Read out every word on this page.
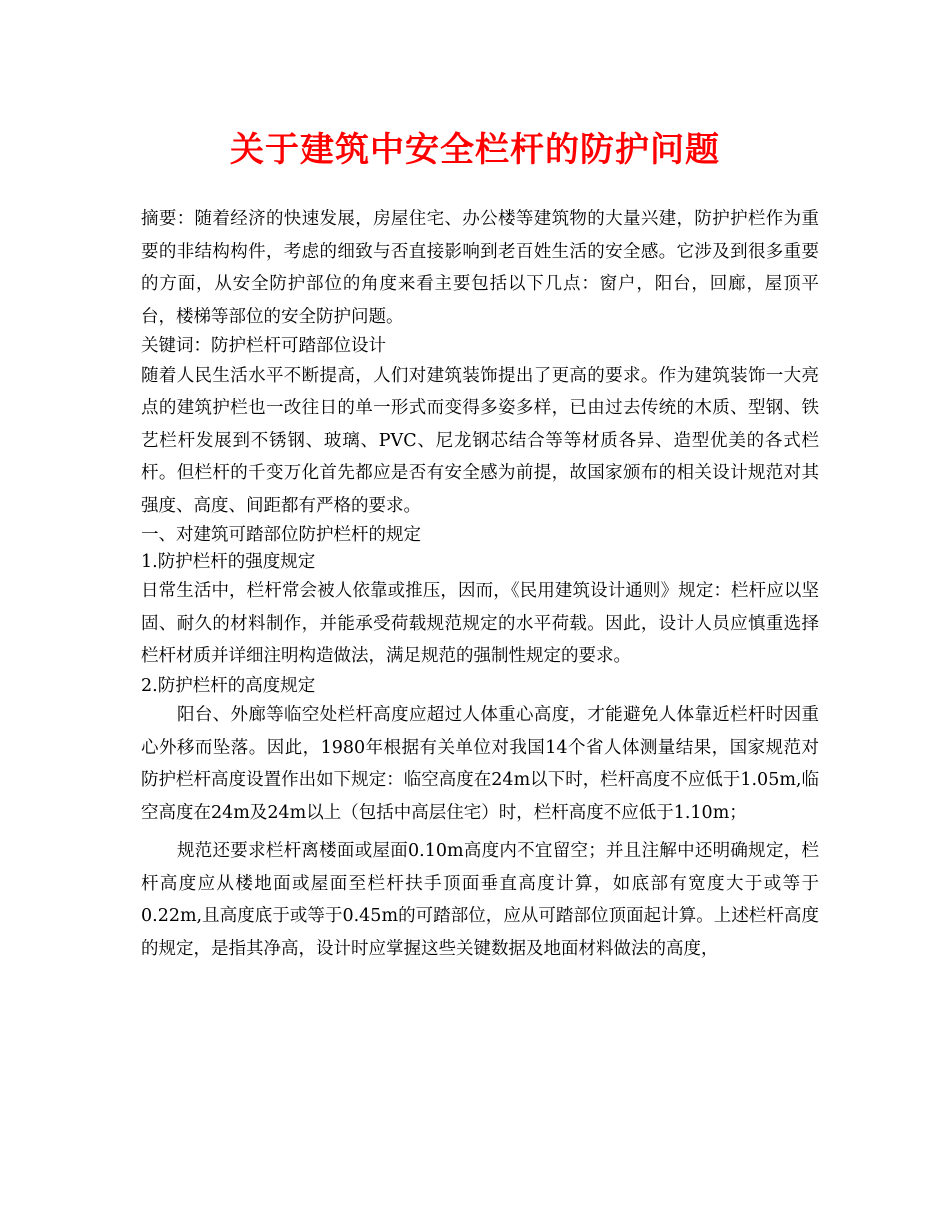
关于建筑中安全栏杆的防护问题

摘要：随着经济的快速发展，房屋住宅、办公楼等建筑物的大量兴建，防护护栏作为重要的非结构构件，考虑的细致与否直接影响到老百姓生活的安全感。它涉及到很多重要的方面，从安全防护部位的角度来看主要包括以下几点：窗户，阳台，回廊，屋顶平台，楼梯等部位的安全防护问题。

关键词：防护栏杆可踏部位设计

随着人民生活水平不断提高，人们对建筑装饰提出了更高的要求。作为建筑装饰一大亮点的建筑护栏也一改往日的单一形式而变得多姿多样，已由过去传统的木质、型钢、铁艺栏杆发展到不锈钢、玻璃、PVC、尼龙钢芯结合等等材质各异、造型优美的各式栏杆。但栏杆的千变万化首先都应是否有安全感为前提，故国家颁布的相关设计规范对其强度、高度、间距都有严格的要求。

一、对建筑可踏部位防护栏杆的规定

1.防护栏杆的强度规定

日常生活中，栏杆常会被人依靠或推压，因而，《民用建筑设计通则》规定：栏杆应以坚固、耐久的材料制作，并能承受荷载规范规定的水平荷载。因此，设计人员应慎重选择栏杆材质并详细注明构造做法，满足规范的强制性规定的要求。

2.防护栏杆的高度规定

阳台、外廊等临空处栏杆高度应超过人体重心高度，才能避免人体靠近栏杆时因重心外移而坠落。因此，1980年根据有关单位对我国14个省人体测量结果，国家规范对防护栏杆高度设置作出如下规定：临空高度在24m以下时，栏杆高度不应低于1.05m,临空高度在24m及24m以上（包括中高层住宅）时，栏杆高度不应低于1.10m；

规范还要求栏杆离楼面或屋面0.10m高度内不宜留空；并且注解中还明确规定，栏杆高度应从楼地面或屋面至栏杆扶手顶面垂直高度计算，如底部有宽度大于或等于0.22m,且高度底于或等于0.45m的可踏部位，应从可踏部位顶面起计算。上述栏杆高度的规定，是指其净高，设计时应掌握这些关键数据及地面材料做法的高度，
